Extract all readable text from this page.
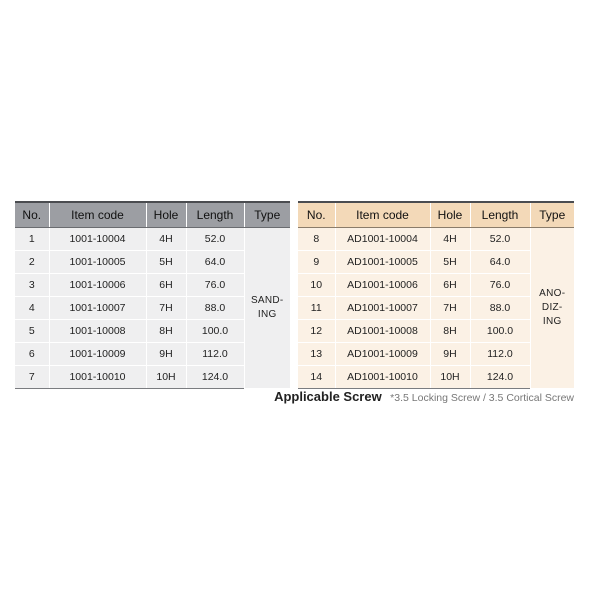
No.	Item code	Hole	Length	Type
1	1001-10004	4H	52.0	SAND-
ING
2	1001-10005	5H	64.0	
3	1001-10006	6H	76.0	
4	1001-10007	7H	88.0	
5	1001-10008	8H	100.0	
6	1001-10009	9H	112.0	
7	1001-10010	10H	124.0	
No.	Item code	Hole	Length	Type
8	AD1001-10004	4H	52.0	ANO-
DIZ-
ING
9	AD1001-10005	5H	64.0	
10	AD1001-10006	6H	76.0	
11	AD1001-10007	7H	88.0	
12	AD1001-10008	8H	100.0	
13	AD1001-10009	9H	112.0	
14	AD1001-10010	10H	124.0	
Applicable Screw *3.5 Locking Screw / 3.5 Cortical Screw
